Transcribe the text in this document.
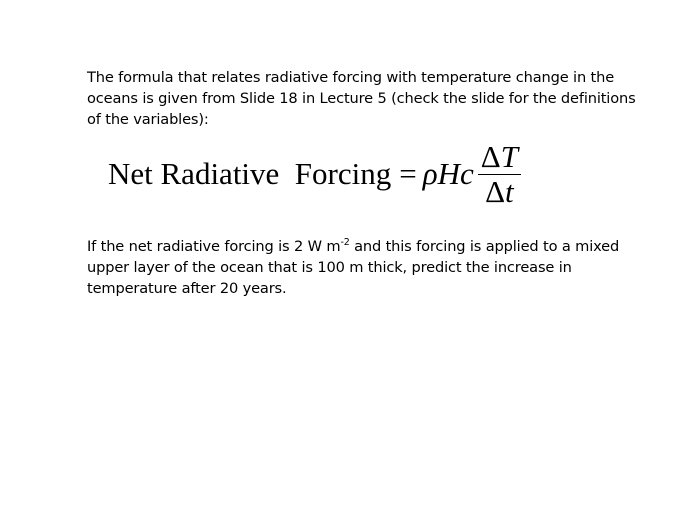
The formula that relates radiative forcing with temperature change in the
oceans is given from Slide 18 in Lecture 5 (check the slide for the definitions
of the variables):

Net Radiative  Forcing = ρ H c $\frac{\Delta T}{\Delta t}$

If the net radiative forcing is 2 W $m^{-2}$ and this forcing is applied to a mixed
upper layer of the ocean that is 100 m thick, predict the increase in
temperature after 20 years.
